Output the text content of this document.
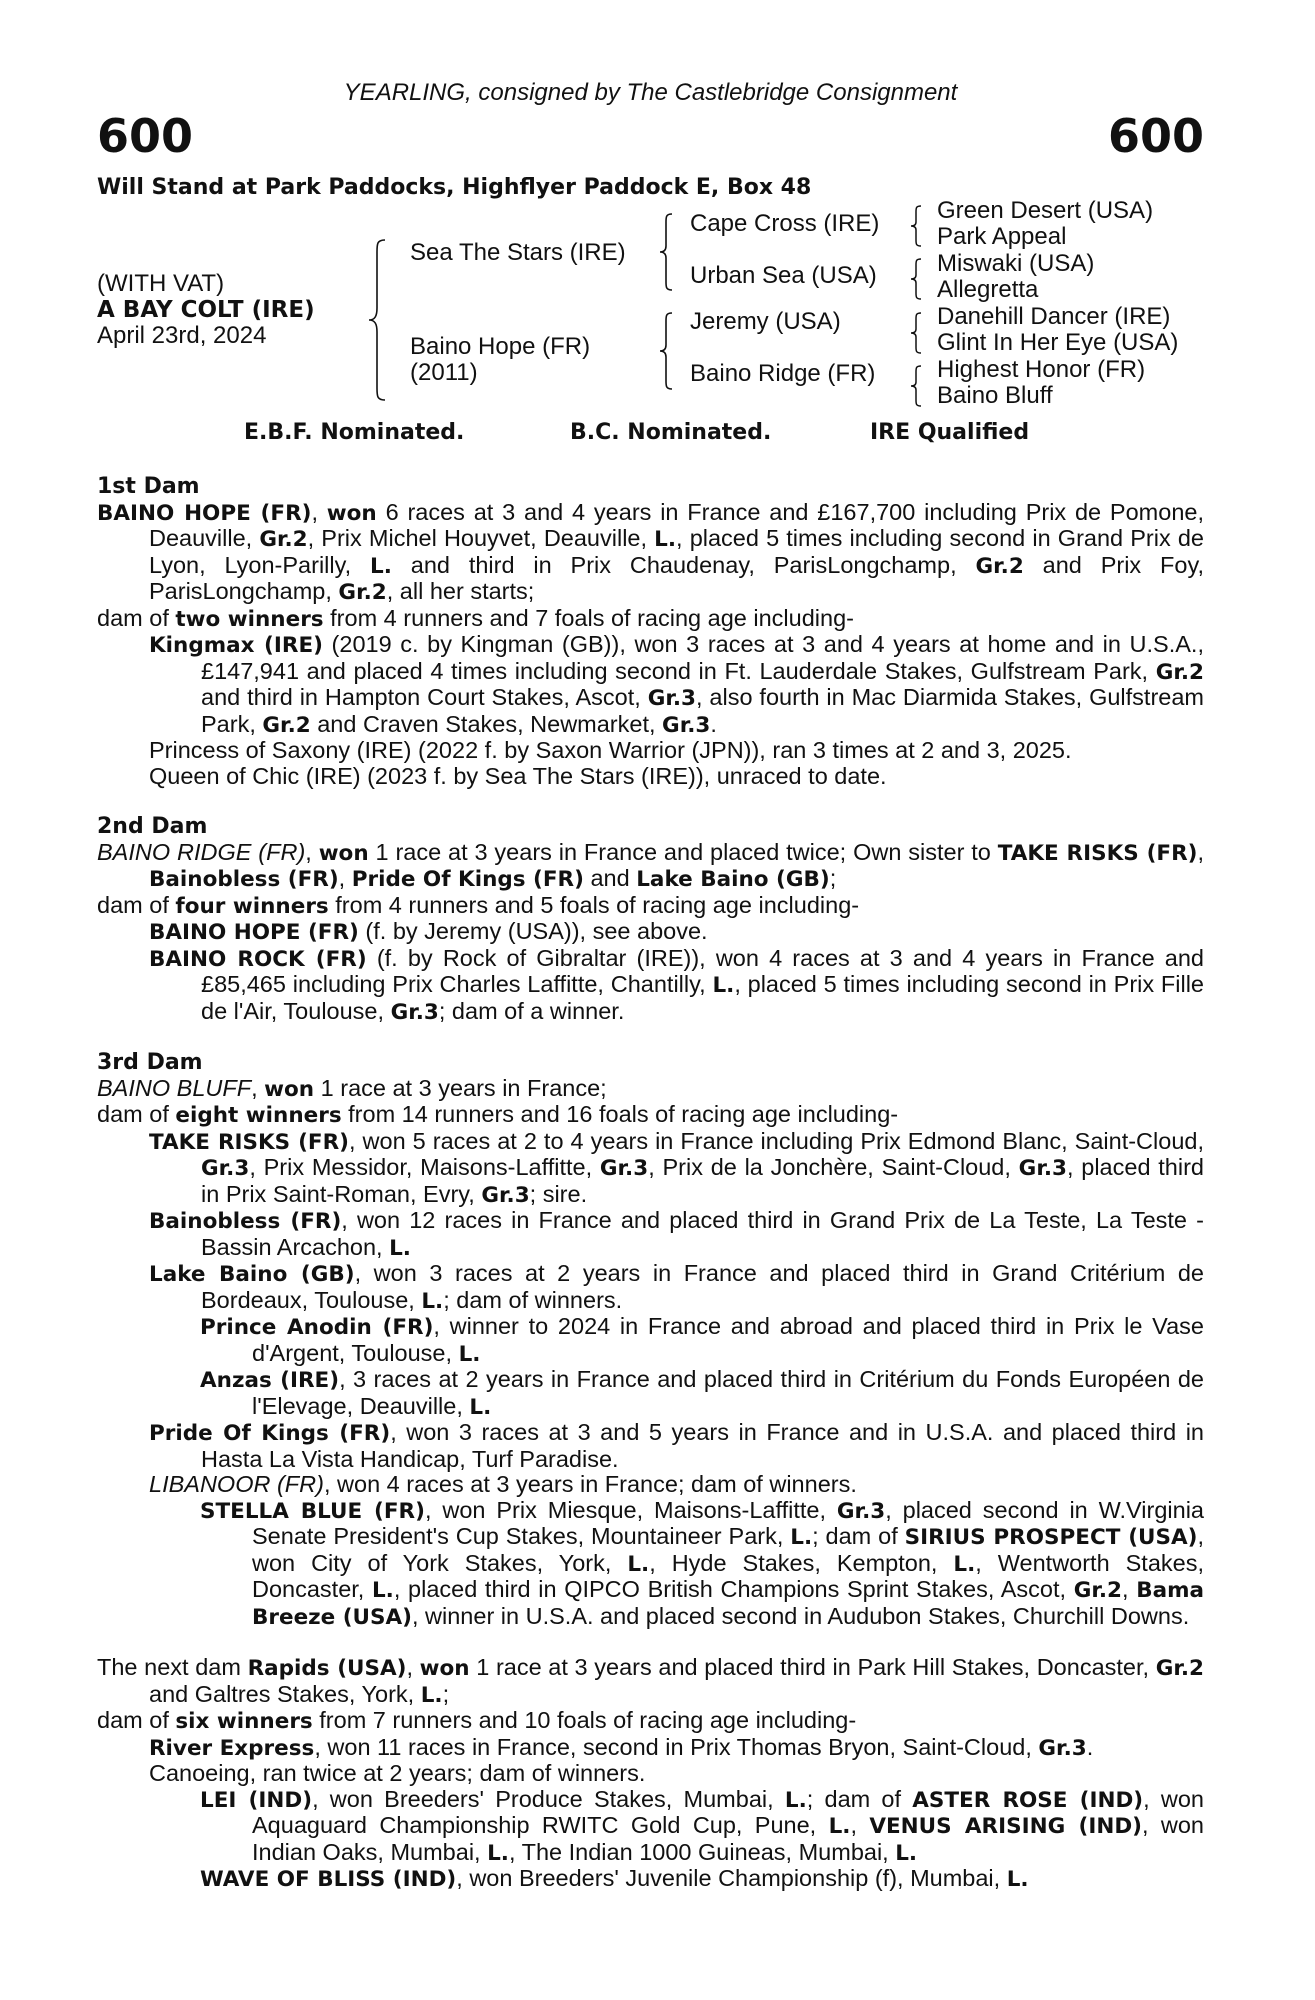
YEARLING, consigned by The Castlebridge Consignment
600	600
Will Stand at Park Paddocks, Highflyer Paddock E, Box 48
(WITH VAT)
A BAY COLT (IRE)
April 23rd, 2024
Sea The Stars (IRE)
Baino Hope (FR)
(2011)
Cape Cross (IRE)
Urban Sea (USA)
Jeremy (USA)
Baino Ridge (FR)
Green Desert (USA)
Park Appeal
Miswaki (USA)
Allegretta
Danehill Dancer (IRE)
Glint In Her Eye (USA)
Highest Honor (FR)
Baino Bluff
E.B.F. Nominated.	B.C. Nominated.	IRE Qualified

1st Dam

BAINO HOPE (FR), won 6 races at 3 and 4 years in France and £167,700 including Prix de Pomone, Deauville, Gr.2, Prix Michel Houyvet, Deauville, L., placed 5 times including second in Grand Prix de Lyon, Lyon-Parilly, L. and third in Prix Chaudenay, ParisLongchamp, Gr.2 and Prix Foy, ParisLongchamp, Gr.2, all her starts;

dam of two winners from 4 runners and 7 foals of racing age including-

Kingmax (IRE) (2019 c. by Kingman (GB)), won 3 races at 3 and 4 years at home and in U.S.A., £147,941 and placed 4 times including second in Ft. Lauderdale Stakes, Gulfstream Park, Gr.2 and third in Hampton Court Stakes, Ascot, Gr.3, also fourth in Mac Diarmida Stakes, Gulfstream Park, Gr.2 and Craven Stakes, Newmarket, Gr.3.

Princess of Saxony (IRE) (2022 f. by Saxon Warrior (JPN)), ran 3 times at 2 and 3, 2025.

Queen of Chic (IRE) (2023 f. by Sea The Stars (IRE)), unraced to date.

2nd Dam

BAINO RIDGE (FR), won 1 race at 3 years in France and placed twice; Own sister to TAKE RISKS (FR), Bainobless (FR), Pride Of Kings (FR) and Lake Baino (GB);

dam of four winners from 4 runners and 5 foals of racing age including-

BAINO HOPE (FR) (f. by Jeremy (USA)), see above.

BAINO ROCK (FR) (f. by Rock of Gibraltar (IRE)), won 4 races at 3 and 4 years in France and £85,465 including Prix Charles Laffitte, Chantilly, L., placed 5 times including second in Prix Fille de l'Air, Toulouse, Gr.3; dam of a winner.

3rd Dam

BAINO BLUFF, won 1 race at 3 years in France;

dam of eight winners from 14 runners and 16 foals of racing age including-

TAKE RISKS (FR), won 5 races at 2 to 4 years in France including Prix Edmond Blanc, Saint-Cloud, Gr.3, Prix Messidor, Maisons-Laffitte, Gr.3, Prix de la Jonchère, Saint-Cloud, Gr.3, placed third in Prix Saint-Roman, Evry, Gr.3; sire.

Bainobless (FR), won 12 races in France and placed third in Grand Prix de La Teste, La Teste - Bassin Arcachon, L.

Lake Baino (GB), won 3 races at 2 years in France and placed third in Grand Critérium de Bordeaux, Toulouse, L.; dam of winners.

Prince Anodin (FR), winner to 2024 in France and abroad and placed third in Prix le Vase d'Argent, Toulouse, L.

Anzas (IRE), 3 races at 2 years in France and placed third in Critérium du Fonds Européen de l'Elevage, Deauville, L.

Pride Of Kings (FR), won 3 races at 3 and 5 years in France and in U.S.A. and placed third in Hasta La Vista Handicap, Turf Paradise.

LIBANOOR (FR), won 4 races at 3 years in France; dam of winners.

STELLA BLUE (FR), won Prix Miesque, Maisons-Laffitte, Gr.3, placed second in W.Virginia Senate President's Cup Stakes, Mountaineer Park, L.; dam of SIRIUS PROSPECT (USA), won City of York Stakes, York, L., Hyde Stakes, Kempton, L., Wentworth Stakes, Doncaster, L., placed third in QIPCO British Champions Sprint Stakes, Ascot, Gr.2, Bama Breeze (USA), winner in U.S.A. and placed second in Audubon Stakes, Churchill Downs.

The next dam Rapids (USA), won 1 race at 3 years and placed third in Park Hill Stakes, Doncaster, Gr.2 and Galtres Stakes, York, L.;

dam of six winners from 7 runners and 10 foals of racing age including-

River Express, won 11 races in France, second in Prix Thomas Bryon, Saint-Cloud, Gr.3.

Canoeing, ran twice at 2 years; dam of winners.

LEI (IND), won Breeders' Produce Stakes, Mumbai, L.; dam of ASTER ROSE (IND), won Aquaguard Championship RWITC Gold Cup, Pune, L., VENUS ARISING (IND), won Indian Oaks, Mumbai, L., The Indian 1000 Guineas, Mumbai, L.

WAVE OF BLISS (IND), won Breeders' Juvenile Championship (f), Mumbai, L.
